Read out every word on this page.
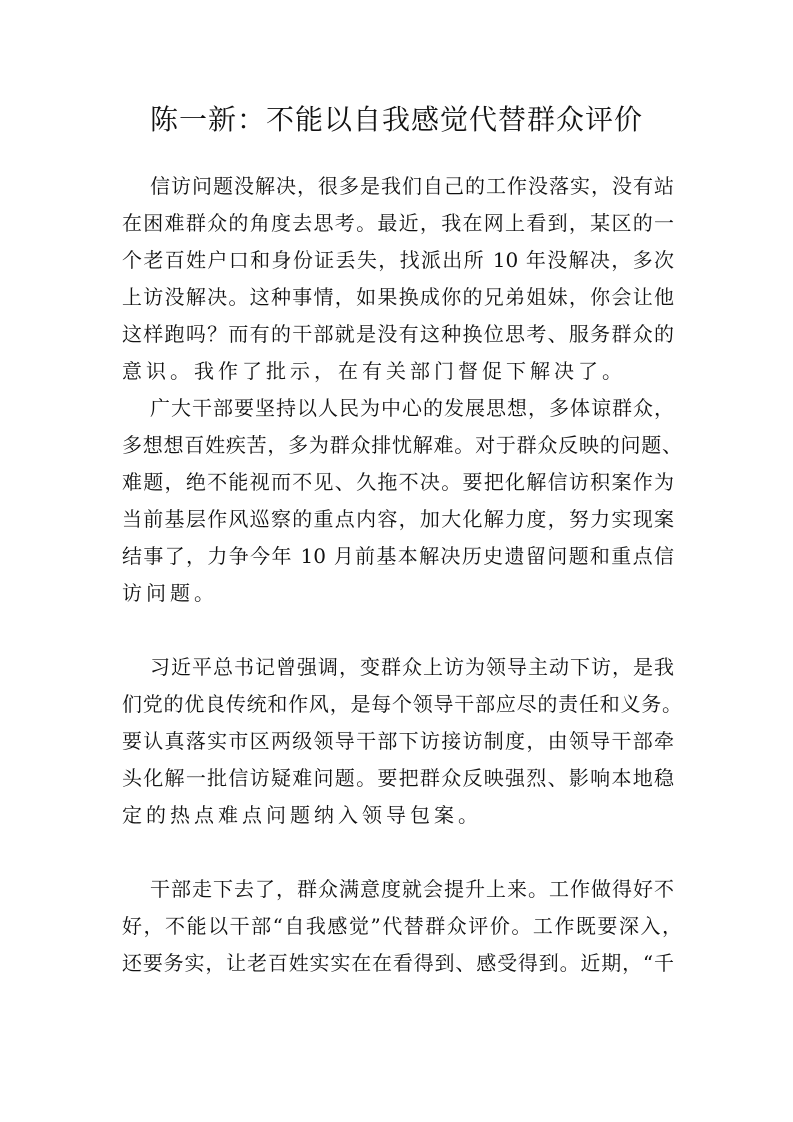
陈一新：不能以自我感觉代替群众评价
信访问题没解决，很多是我们自己的工作没落实，没有站
在困难群众的角度去思考。最近，我在网上看到，某区的一
个老百姓户口和身份证丢失，找派出所 10 年没解决，多次
上访没解决。这种事情，如果换成你的兄弟姐妹，你会让他
这样跑吗？而有的干部就是没有这种换位思考、服务群众的
意识。我作了批示，在有关部门督促下解决了。
广大干部要坚持以人民为中心的发展思想，多体谅群众，
多想想百姓疾苦，多为群众排忧解难。对于群众反映的问题、
难题，绝不能视而不见、久拖不决。要把化解信访积案作为
当前基层作风巡察的重点内容，加大化解力度，努力实现案
结事了，力争今年 10 月前基本解决历史遗留问题和重点信
访问题。
习近平总书记曾强调，变群众上访为领导主动下访，是我
们党的优良传统和作风，是每个领导干部应尽的责任和义务。
要认真落实市区两级领导干部下访接访制度，由领导干部牵
头化解一批信访疑难问题。要把群众反映强烈、影响本地稳
定的热点难点问题纳入领导包案。
干部走下去了，群众满意度就会提升上来。工作做得好不
好，不能以干部“自我感觉”代替群众评价。工作既要深入，
还要务实，让老百姓实实在在看得到、感受得到。近期，“千
